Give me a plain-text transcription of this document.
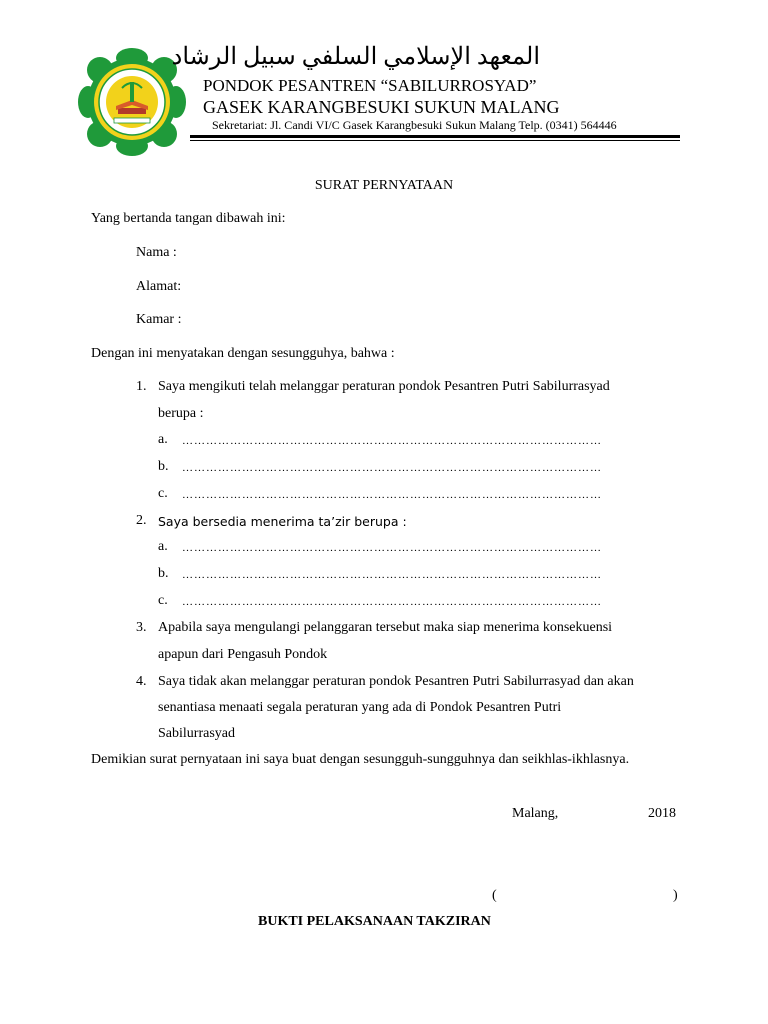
المعهد الإسلامي السلفي سبيل الرشاد
PONDOK PESANTREN “SABILURROSYAD”
GASEK KARANGBESUKI SUKUN MALANG
Sekretariat: Jl. Candi VI/C Gasek Karangbesuki Sukun Malang Telp. (0341) 564446
SURAT PERNYATAAN
Yang bertanda tangan dibawah ini:
Nama :
Alamat:
Kamar :
Dengan ini menyatakan dengan sesungguhya, bahwa :
1. Saya mengikuti telah melanggar peraturan pondok Pesantren Putri Sabilurrasyad
berupa :
a. ……………………………………………………………………………………………
b. ……………………………………………………………………………………………
c. ……………………………………………………………………………………………
2. Saya bersedia menerima ta’zir berupa :
a. ……………………………………………………………………………………………
b. ……………………………………………………………………………………………
c. ……………………………………………………………………………………………
3. Apabila saya mengulangi pelanggaran tersebut maka siap menerima konsekuensi
apapun dari Pengasuh Pondok
4. Saya tidak akan melanggar peraturan pondok Pesantren Putri Sabilurrasyad dan akan
senantiasa menaati segala peraturan yang ada di Pondok Pesantren Putri
Sabilurrasyad
Demikian surat pernyataan ini saya buat dengan sesungguh-sungguhnya dan seikhlas-ikhlasnya.
Malang,	2018
(	)
BUKTI PELAKSANAAN TAKZIRAN
